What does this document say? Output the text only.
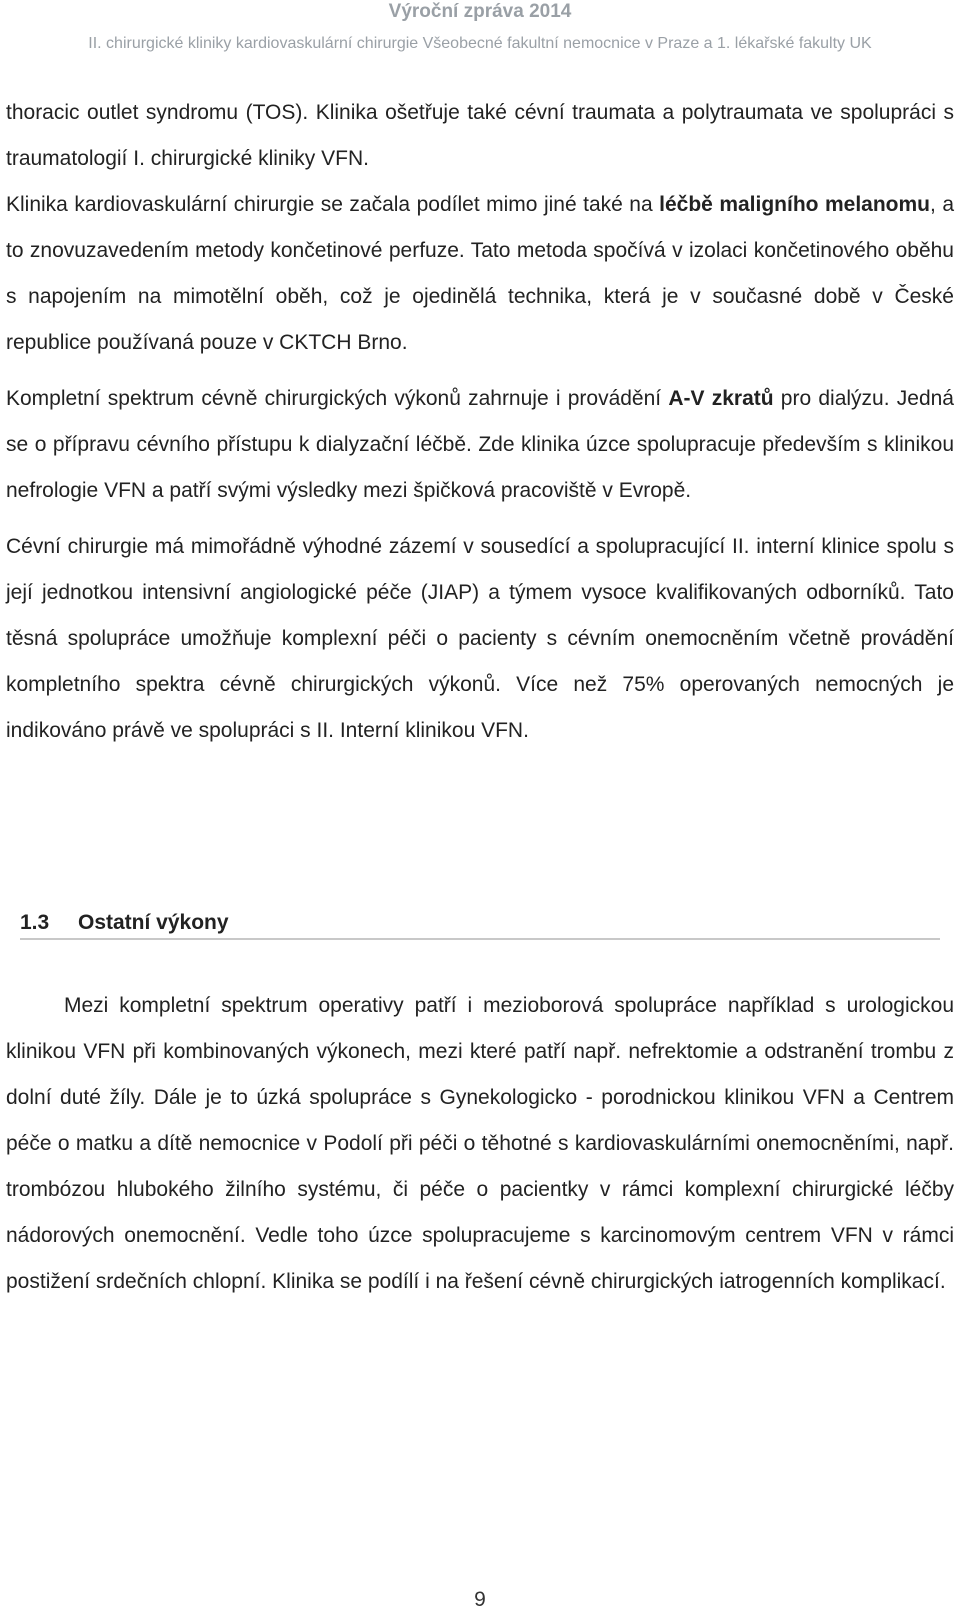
Výroční zpráva 2014
II. chirurgické kliniky kardiovaskulární chirurgie Všeobecné fakultní nemocnice v Praze a 1. lékařské fakulty UK

thoracic outlet syndromu (TOS). Klinika ošetřuje také cévní traumata a polytraumata ve spolupráci s traumatologií I. chirurgické kliniky VFN.

Klinika kardiovaskulární chirurgie se začala podílet mimo jiné také na léčbě maligního melanomu, a to znovuzavedením metody končetinové perfuze. Tato metoda spočívá v izolaci končetinového oběhu s napojením na mimotělní oběh, což je ojedinělá technika, která je v současné době v České republice používaná pouze v CKTCH Brno.

Kompletní spektrum cévně chirurgických výkonů zahrnuje i provádění A-V zkratů pro dialýzu. Jedná se o přípravu cévního přístupu k dialyzační léčbě. Zde klinika úzce spolupracuje především s klinikou nefrologie VFN a patří svými výsledky mezi špičková pracoviště v Evropě.

Cévní chirurgie má mimořádně výhodné zázemí v sousedící a spolupracující II. interní klinice spolu s její jednotkou intensivní angiologické péče (JIAP) a týmem vysoce kvalifikovaných odborníků. Tato těsná spolupráce umožňuje komplexní péči o pacienty s cévním onemocněním včetně provádění kompletního spektra cévně chirurgických výkonů. Více než 75% operovaných nemocných je indikováno právě ve spolupráci s II. Interní klinikou VFN.

1.3	Ostatní výkony

Mezi kompletní spektrum operativy patří i mezioborová spolupráce například s urologickou klinikou VFN při kombinovaných výkonech, mezi které patří např. nefrektomie a odstranění trombu z dolní duté žíly. Dále je to úzká spolupráce s Gynekologicko - porodnickou klinikou VFN a Centrem péče o matku a dítě nemocnice v Podolí při péči o těhotné s kardiovaskulárními onemocněními, např. trombózou hlubokého žilního systému, či péče o pacientky v rámci komplexní chirurgické léčby nádorových onemocnění. Vedle toho úzce spolupracujeme s karcinomovým centrem VFN v rámci postižení srdečních chlopní. Klinika se podílí i na řešení cévně chirurgických iatrogenních komplikací.

9
